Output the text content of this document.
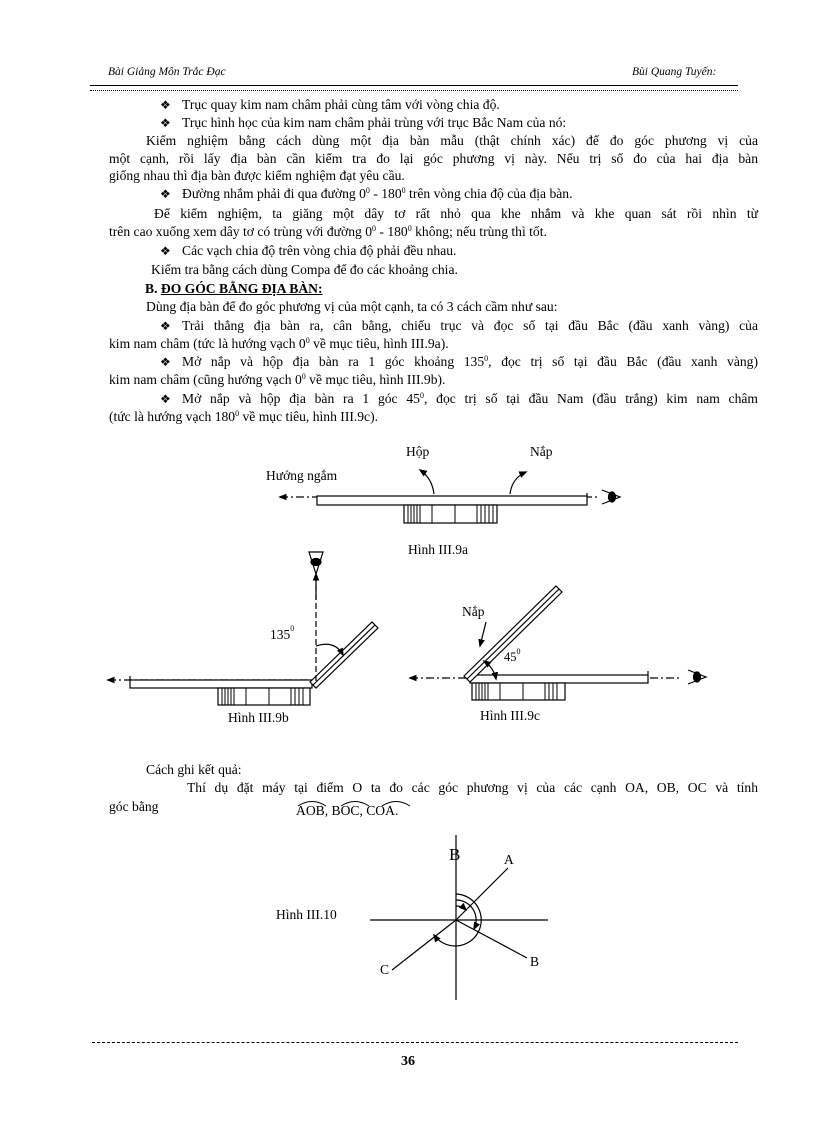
Bài Giảng Môn Trắc Đạc	Bùi Quang Tuyến:
❖ Trục quay kim nam châm phải cùng tâm với vòng chia độ.
❖ Trục hình học của kim nam châm phải trùng với trục Bắc Nam của nó:
Kiểm nghiệm bằng cách dùng một địa bàn mẫu (thật chính xác) để đo góc phương vị của
một cạnh, rồi lấy địa bàn cần kiểm tra đo lại góc phương vị này. Nếu trị số đo của hai địa bàn
giống nhau thì địa bàn được kiểm nghiệm đạt yêu cầu.
❖ Đường nhắm phải đi qua đường $0^0 - 180^0$ trên vòng chia độ của địa bàn.
Để kiểm nghiệm, ta giăng một dây tơ rất nhỏ qua khe nhắm và khe quan sát rồi nhìn từ
trên cao xuống xem dây tơ có trùng với đường $0^0 - 180^0$ không; nếu trùng thì tốt.
❖ Các vạch chia độ trên vòng chia độ phải đều nhau.
Kiểm tra bằng cách dùng Compa để đo các khoảng chia.
B. ĐO GÓC BẰNG ĐỊA BÀN:
Dùng địa bàn để đo góc phương vị của một cạnh, ta có 3 cách cầm như sau:
❖ Trải thẳng địa bàn ra, cân bằng, chiếu trục và đọc số tại đầu Bắc (đầu xanh vàng) của
kim nam châm (tức là hướng vạch $0^0$ về mục tiêu, hình III.9a).
❖ Mở nắp và hộp địa bàn ra 1 góc khoảng $135^0$, đọc trị số tại đầu Bắc (đầu xanh vàng)
kim nam châm (cũng hướng vạch $0^0$ về mục tiêu, hình III.9b).
❖ Mở nắp và hộp địa bàn ra 1 góc $45^0$, đọc trị số tại đầu Nam (đầu trắng) kim nam châm
(tức là hướng vạch $180^0$ về mục tiêu, hình III.9c).
Hộp	Nắp
Hướng ngắm
Hình III.9a
$135^0$
Hình III.9b
Nắp
$45^0$
Hình III.9c
Cách ghi kết quả:
Thí dụ đặt máy tại điểm O ta đo các góc phương vị của các cạnh OA, OB, OC và tính
góc bằng	AOB, BOC, COA.
B	A
B
C
Hình III.10
36
